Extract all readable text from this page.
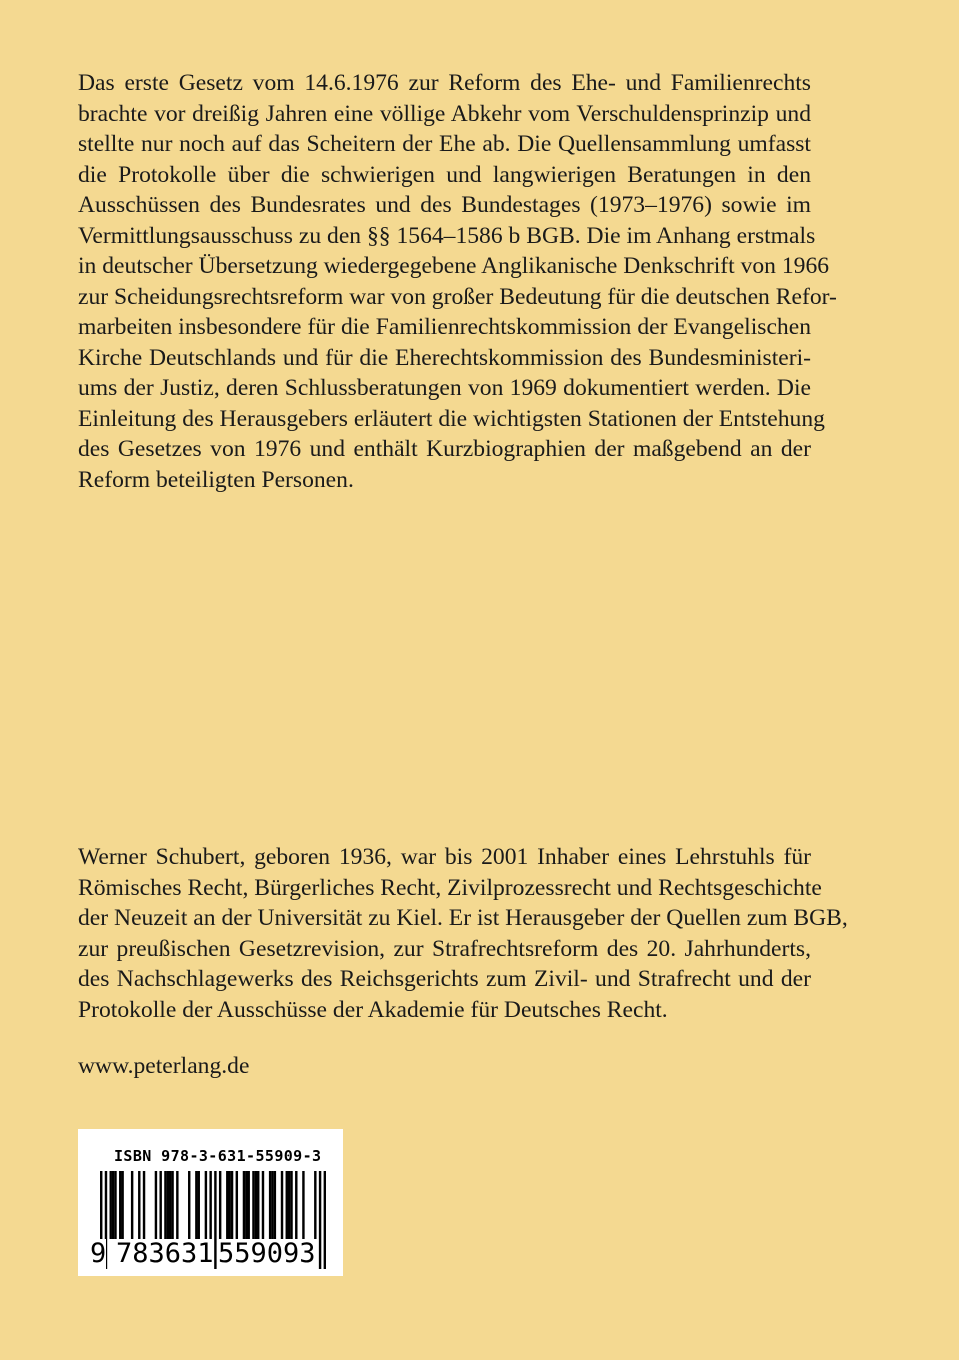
Das erste Gesetz vom 14.6.1976 zur Reform des Ehe- und Familienrechts
brachte vor dreißig Jahren eine völlige Abkehr vom Verschuldensprinzip und
stellte nur noch auf das Scheitern der Ehe ab. Die Quellensammlung umfasst
die Protokolle über die schwierigen und langwierigen Beratungen in den
Ausschüssen des Bundesrates und des Bundestages (1973–1976) sowie im
Vermittlungsausschuss zu den §§ 1564–1586 b BGB. Die im Anhang erstmals
in deutscher Übersetzung wiedergegebene Anglikanische Denkschrift von 1966
zur Scheidungsrechtsreform war von großer Bedeutung für die deutschen Refor-
marbeiten insbesondere für die Familienrechtskommission der Evangelischen
Kirche Deutschlands und für die Eherechtskommission des Bundesministeri-
ums der Justiz, deren Schlussberatungen von 1969 dokumentiert werden. Die
Einleitung des Herausgebers erläutert die wichtigsten Stationen der Entstehung
des Gesetzes von 1976 und enthält Kurzbiographien der maßgebend an der
Reform beteiligten Personen.
Werner Schubert, geboren 1936, war bis 2001 Inhaber eines Lehrstuhls für
Römisches Recht, Bürgerliches Recht, Zivilprozessrecht und Rechtsgeschichte
der Neuzeit an der Universität zu Kiel. Er ist Herausgeber der Quellen zum BGB,
zur preußischen Gesetzrevision, zur Strafrechtsreform des 20. Jahrhunderts,
des Nachschlagewerks des Reichsgerichts zum Zivil- und Strafrecht und der
Protokolle der Ausschüsse der Akademie für Deutsches Recht.
www.peterlang.de
ISBN 978-3-631-55909-3
9 783631 559093
